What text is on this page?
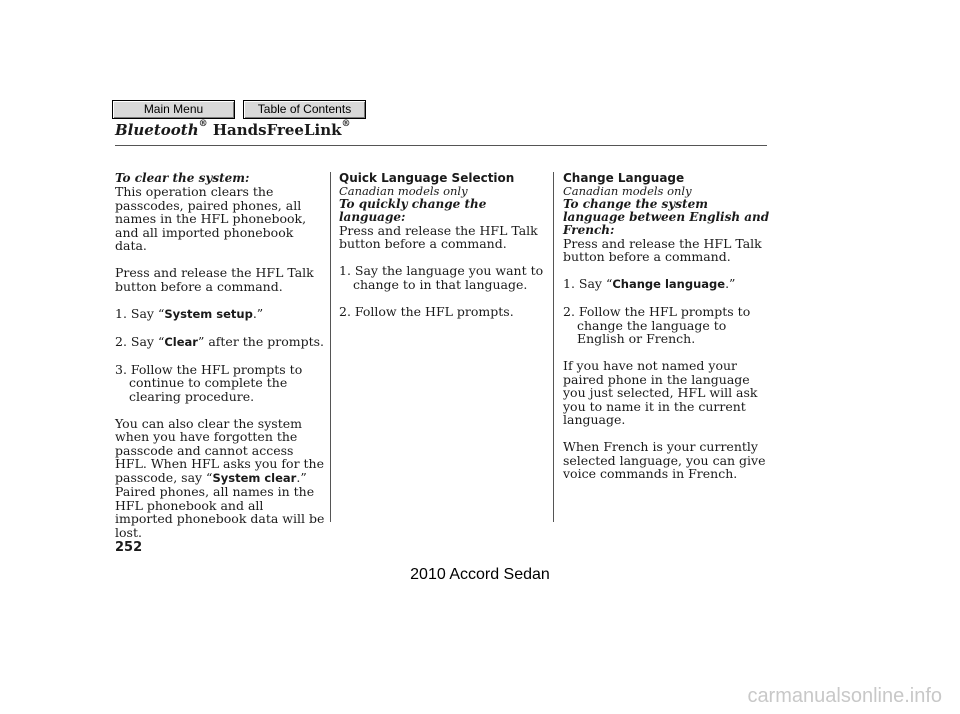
Main Menu	Table of Contents
Bluetooth® HandsFreeLink®

To clear the system:

This operation clears the passcodes, paired phones, all names in the HFL phonebook, and all imported phonebook data.

Press and release the HFL Talk button before a command.

1. Say “System setup.”

2. Say “Clear” after the prompts.

3. Follow the HFL prompts to continue to complete the clearing procedure.

You can also clear the system when you have forgotten the passcode and cannot access HFL. When HFL asks you for the passcode, say “System clear.” Paired phones, all names in the HFL phonebook and all imported phonebook data will be lost.

Quick Language Selection

Canadian models only

To quickly change the language:

Press and release the HFL Talk button before a command.

1. Say the language you want to change to in that language.

2. Follow the HFL prompts.

Change Language

Canadian models only

To change the system language between English and French:

Press and release the HFL Talk button before a command.

1. Say “Change language.”

2. Follow the HFL prompts to change the language to English or French.

If you have not named your paired phone in the language you just selected, HFL will ask you to name it in the current language.

When French is your currently selected language, you can give voice commands in French.

252
2010 Accord Sedan
carmanualsonline.info
